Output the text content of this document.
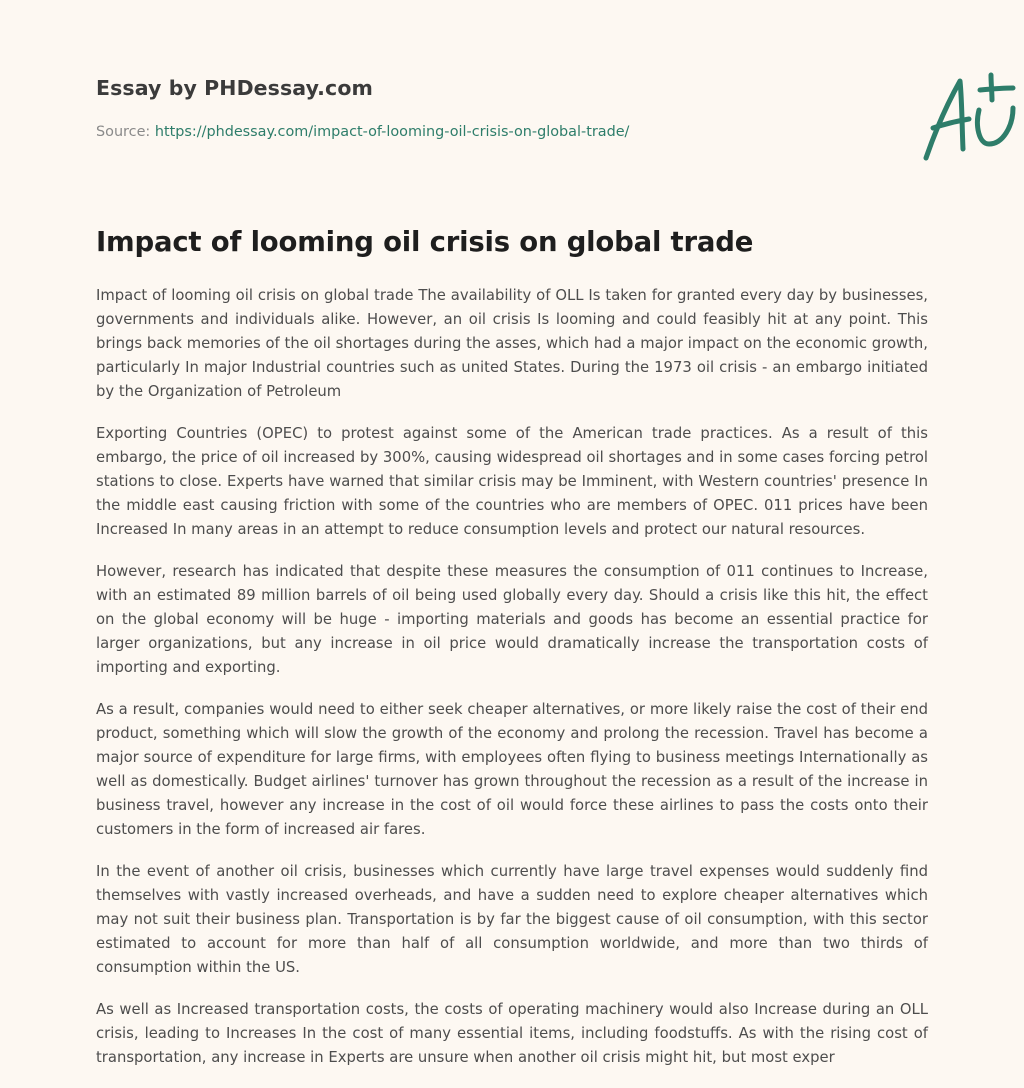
Essay by PHDessay.com
Source: https://phdessay.com/impact-of-looming-oil-crisis-on-global-trade/
Impact of looming oil crisis on global trade

Impact of looming oil crisis on global trade The availability of OLL Is taken for granted every day by businesses, governments and individuals alike. However, an oil crisis Is looming and could feasibly hit at any point. This brings back memories of the oil shortages during the asses, which had a major impact on the economic growth, particularly In major Industrial countries such as united States. During the 1973 oil crisis - an embargo initiated by the Organization of Petroleum

Exporting Countries (OPEC) to protest against some of the American trade practices. As a result of this embargo, the price of oil increased by 300%, causing widespread oil shortages and in some cases forcing petrol stations to close. Experts have warned that similar crisis may be Imminent, with Western countries' presence In the middle east causing friction with some of the countries who are members of OPEC. 011 prices have been Increased In many areas in an attempt to reduce consumption levels and protect our natural resources.

However, research has indicated that despite these measures the consumption of 011 continues to Increase, with an estimated 89 million barrels of oil being used globally every day. Should a crisis like this hit, the effect on the global economy will be huge - importing materials and goods has become an essential practice for larger organizations, but any increase in oil price would dramatically increase the transportation costs of importing and exporting.

As a result, companies would need to either seek cheaper alternatives, or more likely raise the cost of their end product, something which will slow the growth of the economy and prolong the recession. Travel has become a major source of expenditure for large firms, with employees often flying to business meetings Internationally as well as domestically. Budget airlines' turnover has grown throughout the recession as a result of the increase in business travel, however any increase in the cost of oil would force these airlines to pass the costs onto their customers in the form of increased air fares.

In the event of another oil crisis, businesses which currently have large travel expenses would suddenly find themselves with vastly increased overheads, and have a sudden need to explore cheaper alternatives which may not suit their business plan. Transportation is by far the biggest cause of oil consumption, with this sector estimated to account for more than half of all consumption worldwide, and more than two thirds of consumption within the US.

As well as Increased transportation costs, the costs of operating machinery would also Increase during an OLL crisis, leading to Increases In the cost of many essential items, including foodstuffs. As with the rising cost of transportation, any increase in Experts are unsure when another oil crisis might hit, but most exper
